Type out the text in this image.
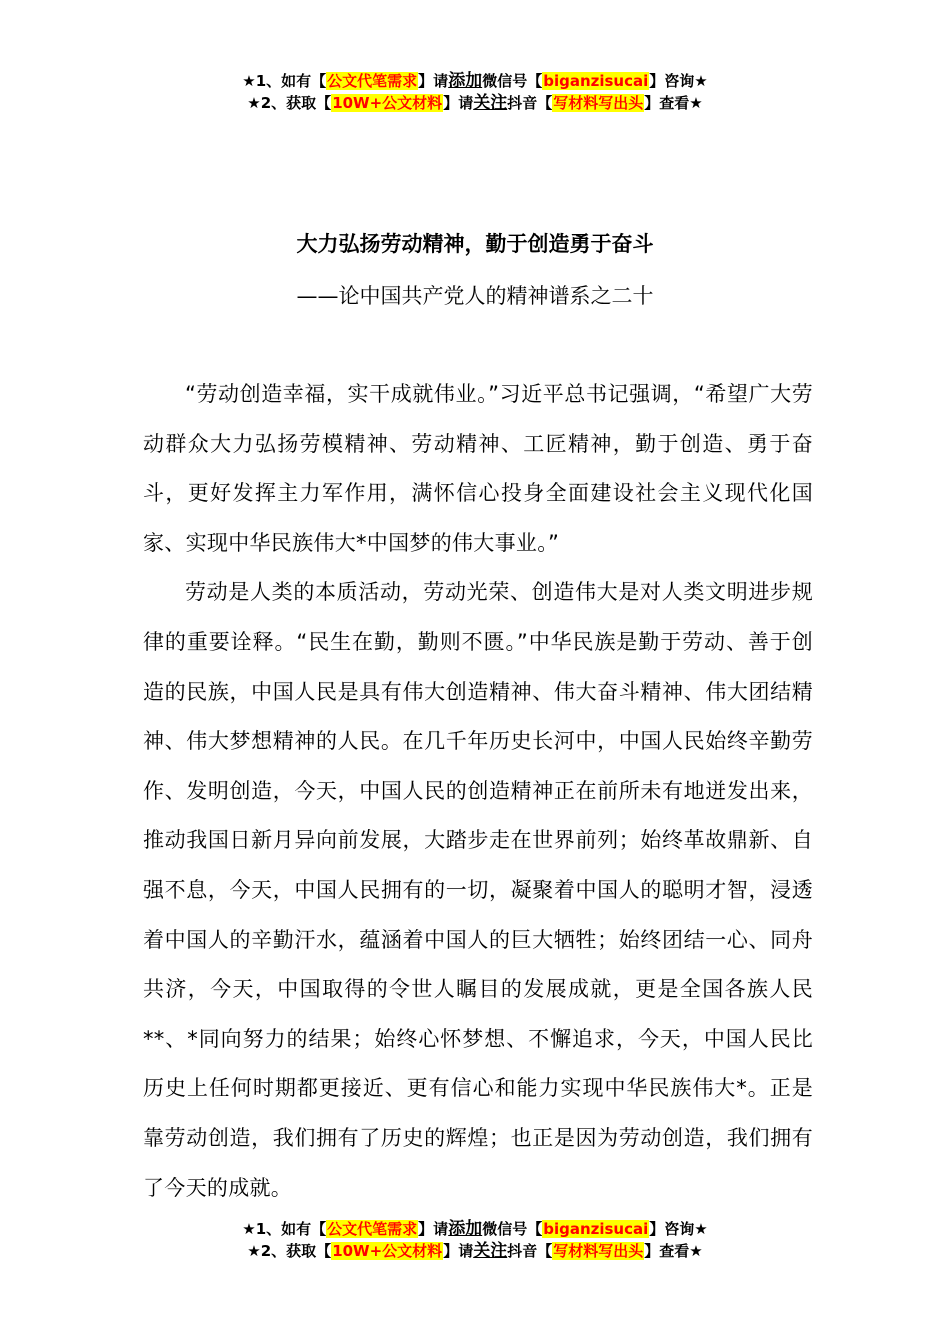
★1、如有【公文代笔需求】请添加微信号【biganzisucai】咨询★
★2、获取【10W+公文材料】请关注抖音【写材料写出头】查看★
大力弘扬劳动精神，勤于创造勇于奋斗
——论中国共产党人的精神谱系之二十

“劳动创造幸福，实干成就伟业。”习近平总书记强调，“希望广大劳动群众大力弘扬劳模精神、劳动精神、工匠精神，勤于创造、勇于奋斗，更好发挥主力军作用，满怀信心投身全面建设社会主义现代化国家、实现中华民族伟大*中国梦的伟大事业。”

劳动是人类的本质活动，劳动光荣、创造伟大是对人类文明进步规律的重要诠释。“民生在勤，勤则不匮。”中华民族是勤于劳动、善于创造的民族，中国人民是具有伟大创造精神、伟大奋斗精神、伟大团结精神、伟大梦想精神的人民。在几千年历史长河中，中国人民始终辛勤劳作、发明创造，今天，中国人民的创造精神正在前所未有地迸发出来，推动我国日新月异向前发展，大踏步走在世界前列；始终革故鼎新、自强不息，今天，中国人民拥有的一切，凝聚着中国人的聪明才智，浸透着中国人的辛勤汗水，蕴涵着中国人的巨大牺牲；始终团结一心、同舟共济，今天，中国取得的令世人瞩目的发展成就，更是全国各族人民**、*同向努力的结果；始终心怀梦想、不懈追求，今天，中国人民比历史上任何时期都更接近、更有信心和能力实现中华民族伟大*。正是靠劳动创造，我们拥有了历史的辉煌；也正是因为劳动创造，我们拥有了今天的成就。

★1、如有【公文代笔需求】请添加微信号【biganzisucai】咨询★
★2、获取【10W+公文材料】请关注抖音【写材料写出头】查看★
